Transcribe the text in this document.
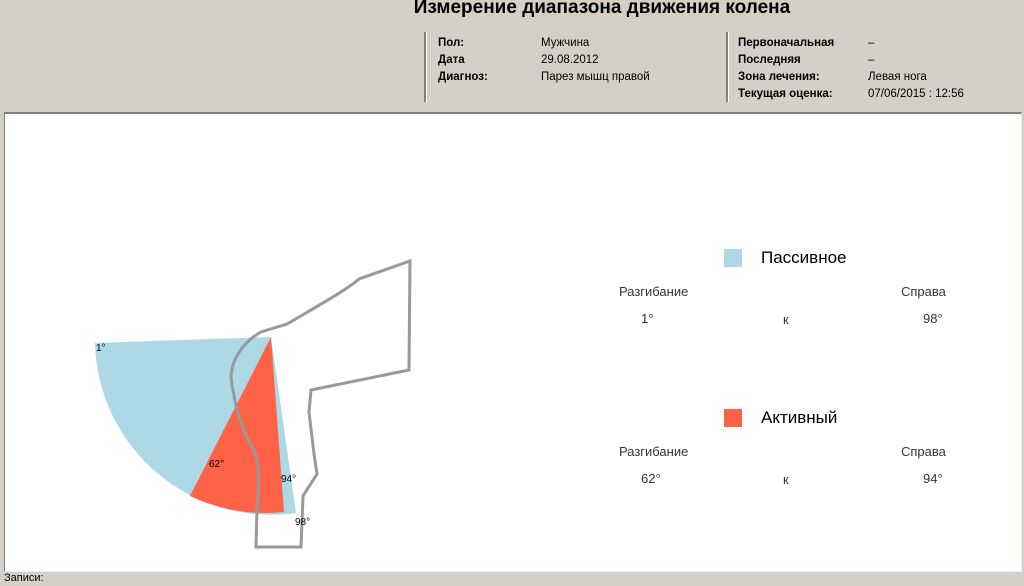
Измерение диапазона движения колена
Пол:	Мужчина
Дата	29.08.2012
Диагноз:	Парез мышц правой
Первоначальная	–
Последняя	–
Зона лечения:	Левая нога
Текущая оценка:	07/06/2015 : 12:56
1°
62°
94°
98°
Пассивное
Разгибание	Справа
1°	к	98°
Активный
Разгибание	Справа
62°	к	94°
Записи:
